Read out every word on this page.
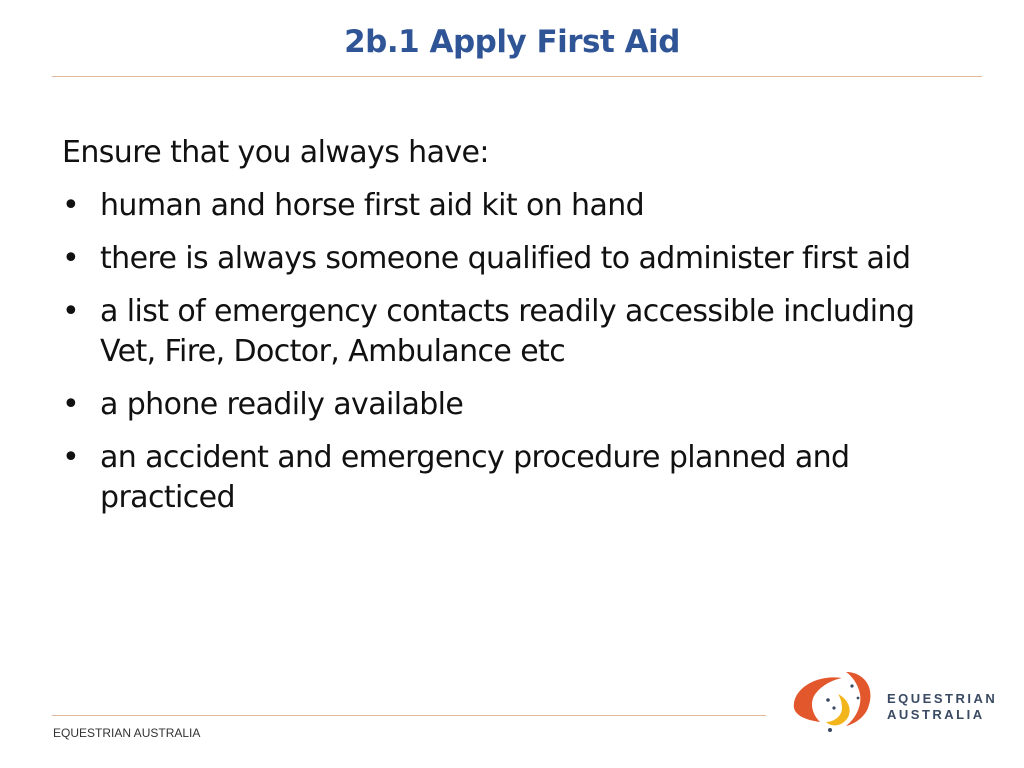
2b.1 Apply First Aid

Ensure that you always have:

• human and horse first aid kit on hand
• there is always someone qualified to administer first aid
• a list of emergency contacts readily accessible including Vet, Fire, Doctor, Ambulance etc
• a phone readily available
• an accident and emergency procedure planned and practiced
EQUESTRIAN AUSTRALIA
EQUESTRIAN
AUSTRALIA
